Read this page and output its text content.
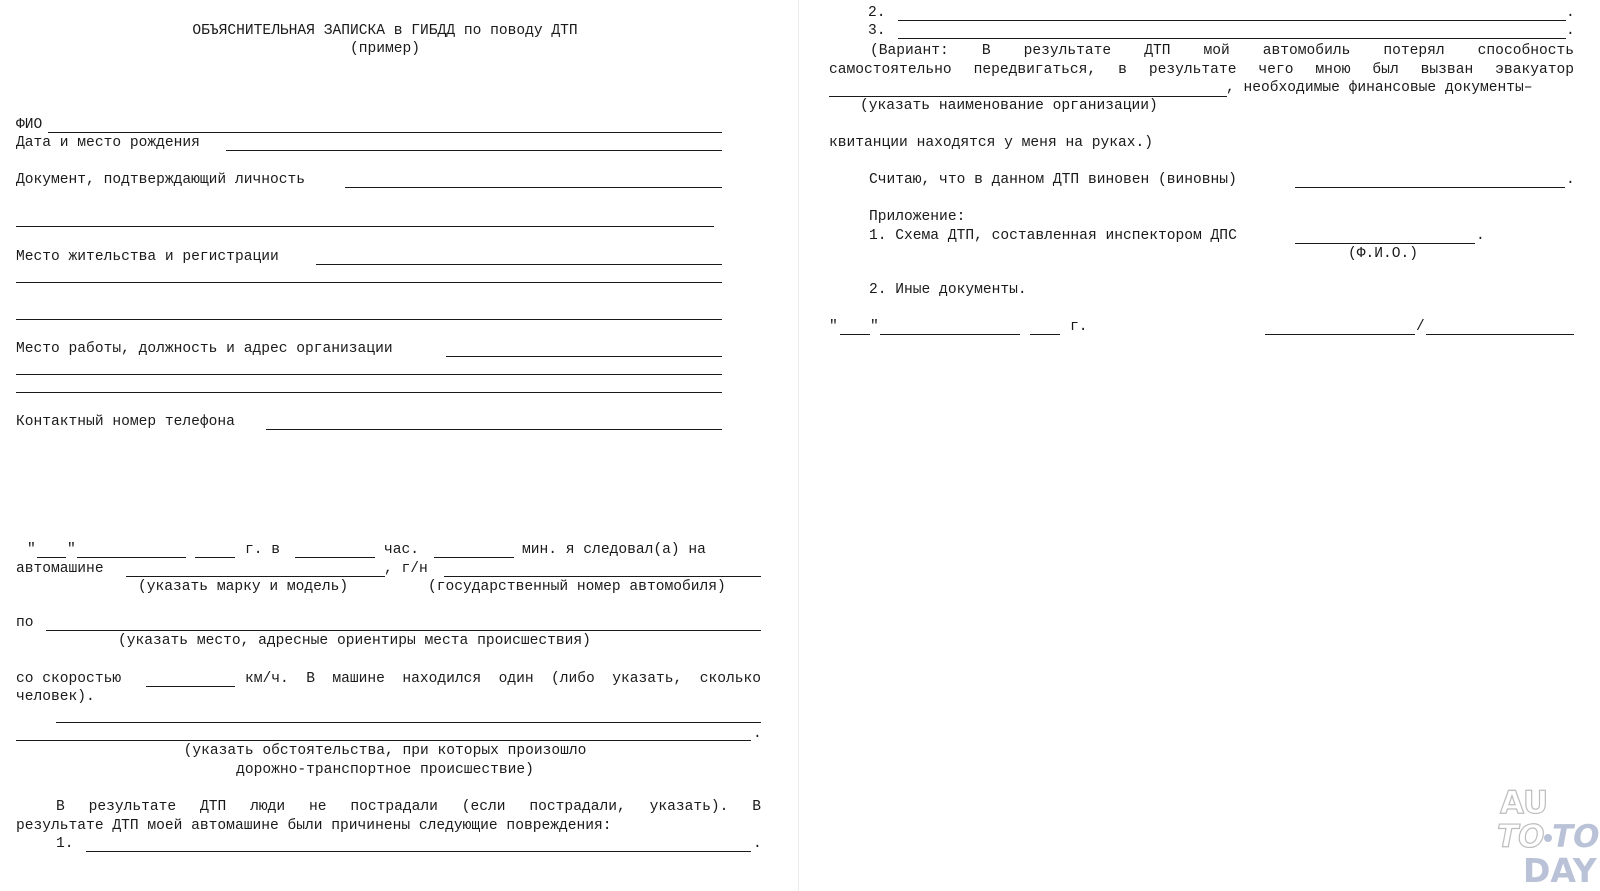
ОБЪЯСНИТЕЛЬНАЯ ЗАПИСКА в ГИБДД по поводу ДТП
(пример)
ФИО
Дата и место рождения
Документ, подтверждающий личность
Место жительства и регистрации
Место работы, должность и адрес организации
Контактный номер телефона
" "	г. в	час.	мин. я следовал(а) на
автомашине	, г/н
(указать марку и модель)	(государственный номер автомобиля)
по
(указать место, адресные ориентиры места происшествия)
со скоростью	км/ч. В машине находился один (либо указать, сколько
человек).
.
(указать обстоятельства, при которых произошло
дорожно-транспортное происшествие)
В результате ДТП люди не пострадали (если пострадали, указать). В
результате ДТП моей автомашине были причинены следующие повреждения:
1.	.
2.	.
3.	.
(Вариант: В результате ДТП мой автомобиль потерял способность
самостоятельно передвигаться, в результате чего мною был вызван эвакуатор
, необходимые финансовые документы–
(указать наименование организации)
квитанции находятся у меня на руках.)
Считаю, что в данном ДТП виновен (виновны)	.
Приложение:
1. Схема ДТП, составленная инспектором ДПС	.
(Ф.И.О.)
2. Иные документы.
" "	г.	/
AU
TO TO
DAY
